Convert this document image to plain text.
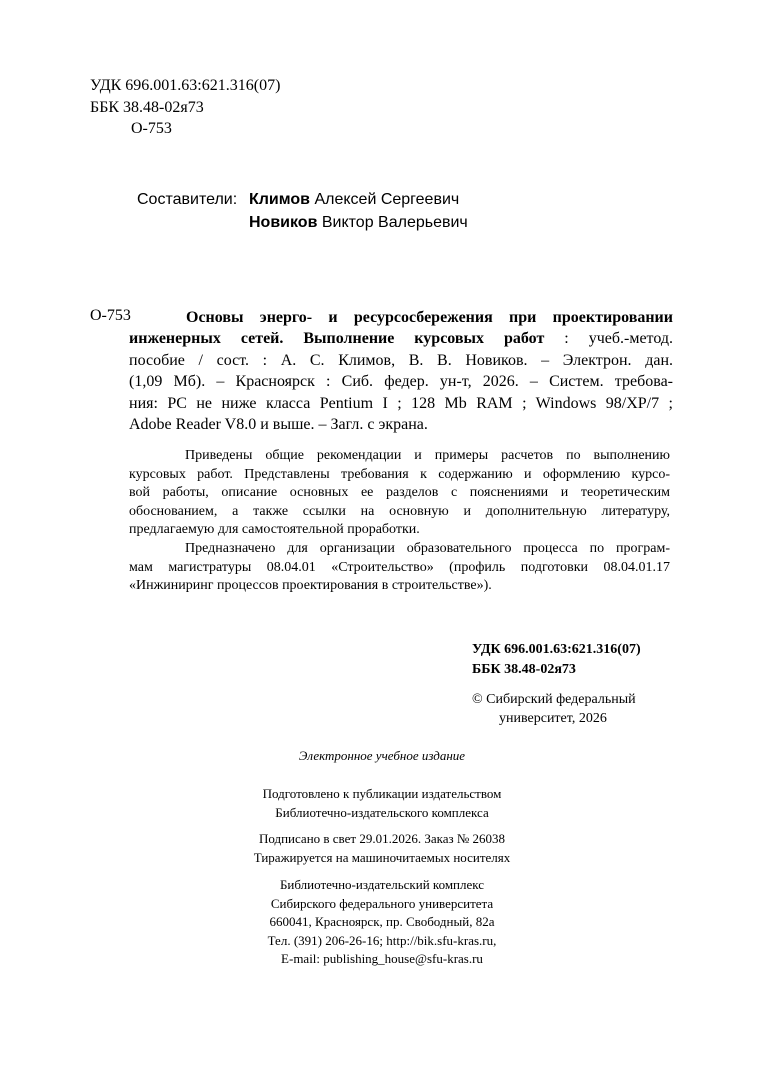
УДК 696.001.63:621.316(07)
ББК 38.48-02я73
О-753
Составители: Климов Алексей Сергеевич
Новиков Виктор Валерьевич
О-753	Основы энерго- и ресурсосбережения при проектировании
инженерных сетей. Выполнение курсовых работ : учеб.-метод.
пособие / сост. : А. С. Климов, В. В. Новиков. – Электрон. дан.
(1,09 Мб). – Красноярск : Сиб. федер. ун-т, 2026. – Систем. требова-
ния: PC не ниже класса Pentium I ; 128 Mb RAM ; Windows 98/XP/7 ;
Adobe Reader V8.0 и выше. – Загл. с экрана.
Приведены общие рекомендации и примеры расчетов по выполнению
курсовых работ. Представлены требования к содержанию и оформлению курсо-
вой работы, описание основных ее разделов с пояснениями и теоретическим
обоснованием, а также ссылки на основную и дополнительную литературу,
предлагаемую для самостоятельной проработки.
Предназначено для организации образовательного процесса по програм-
мам магистратуры 08.04.01 «Строительство» (профиль подготовки 08.04.01.17
«Инжиниринг процессов проектирования в строительстве»).
УДК 696.001.63:621.316(07)
ББК 38.48-02я73
© Сибирский федеральный
университет, 2026
Электронное учебное издание
Подготовлено к публикации издательством
Библиотечно-издательского комплекса
Подписано в свет 29.01.2026. Заказ № 26038
Тиражируется на машиночитаемых носителях
Библиотечно-издательский комплекс
Сибирского федерального университета
660041, Красноярск, пр. Свободный, 82а
Тел. (391) 206-26-16; http://bik.sfu-kras.ru,
E-mail: publishing_house@sfu-kras.ru
